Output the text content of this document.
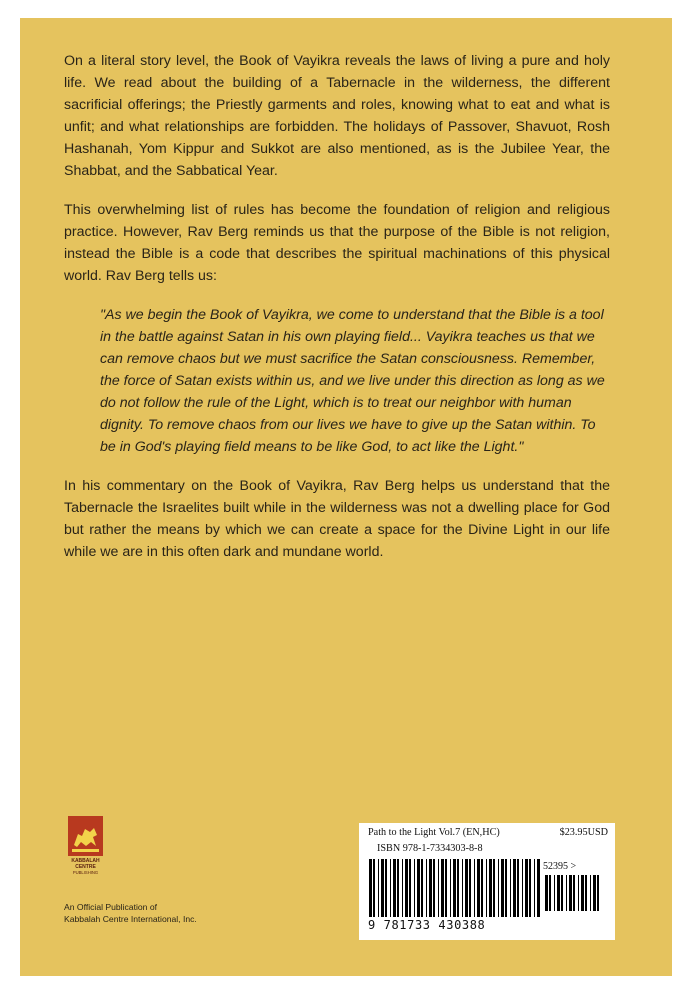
On a literal story level, the Book of Vayikra reveals the laws of living a pure and holy life. We read about the building of a Tabernacle in the wilderness, the different sacrificial offerings; the Priestly garments and roles, knowing what to eat and what is unfit; and what relationships are forbidden. The holidays of Passover, Shavuot, Rosh Hashanah, Yom Kippur and Sukkot are also mentioned, as is the Jubilee Year, the Shabbat, and the Sabbatical Year.

This overwhelming list of rules has become the foundation of religion and religious practice. However, Rav Berg reminds us that the purpose of the Bible is not religion, instead the Bible is a code that describes the spiritual machinations of this physical world. Rav Berg tells us:

"As we begin the Book of Vayikra, we come to understand that the Bible is a tool in the battle against Satan in his own playing field... Vayikra teaches us that we can remove chaos but we must sacrifice the Satan consciousness. Remember, the force of Satan exists within us, and we live under this direction as long as we do not follow the rule of the Light, which is to treat our neighbor with human dignity. To remove chaos from our lives we have to give up the Satan within. To be in God's playing field means to be like God, to act like the Light."

In his commentary on the Book of Vayikra, Rav Berg helps us understand that the Tabernacle the Israelites built while in the wilderness was not a dwelling place for God but rather the means by which we can create a space for the Divine Light in our life while we are in this often dark and mundane world.

KABBALAH
CENTRE
PUBLISHING
An Official Publication of
Kabbalah Centre International, Inc.
Path to the Light Vol.7 (EN,HC)	$23.95USD
ISBN 978-1-7334303-8-8
52395 >
9 781733 430388
